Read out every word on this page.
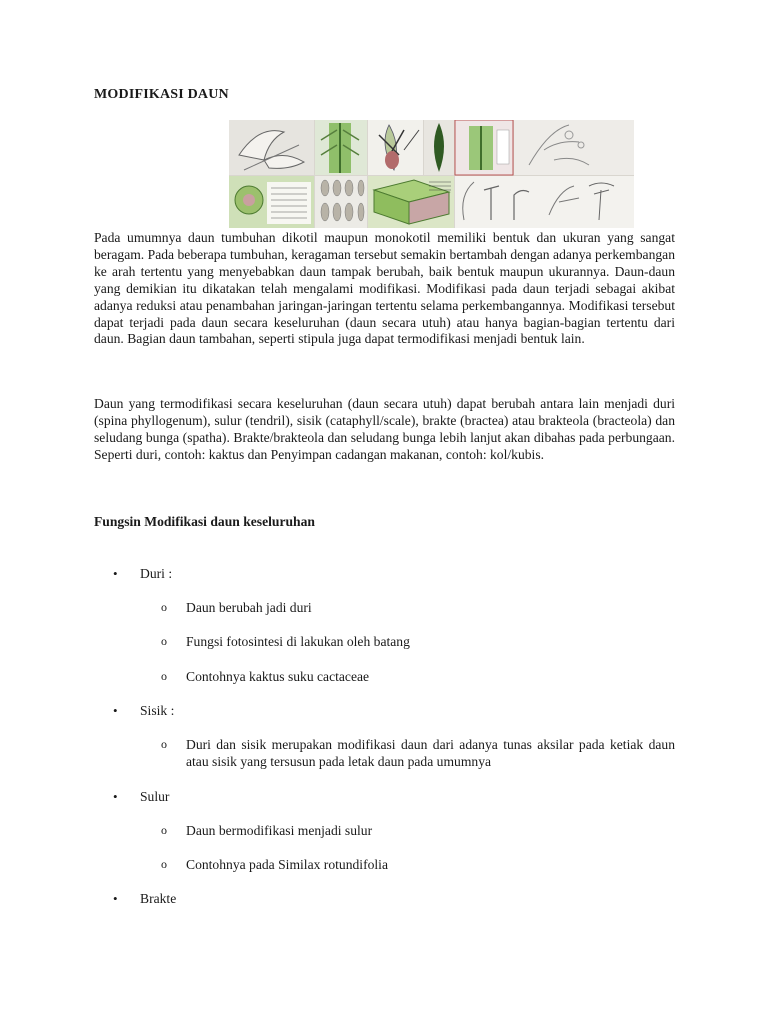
MODIFIKASI DAUN

Pada umumnya daun tumbuhan dikotil maupun monokotil memiliki bentuk dan ukuran yang sangat beragam. Pada beberapa tumbuhan, keragaman tersebut semakin bertambah dengan adanya perkembangan ke arah tertentu yang menyebabkan daun tampak berubah, baik bentuk maupun ukurannya. Daun-daun yang demikian itu dikatakan telah mengalami modifikasi. Modifikasi pada daun terjadi sebagai akibat adanya reduksi atau penambahan jaringan-jaringan tertentu selama perkembangannya. Modifikasi tersebut dapat terjadi pada daun secara keseluruhan (daun secara utuh) atau hanya bagian-bagian tertentu dari daun. Bagian daun tambahan, seperti stipula juga dapat termodifikasi menjadi bentuk lain.

Daun yang termodifikasi secara keseluruhan (daun secara utuh) dapat berubah antara lain menjadi duri (spina phyllogenum), sulur (tendril), sisik (cataphyll/scale), brakte (bractea) atau brakteola (bracteola) dan seludang bunga (spatha). Brakte/brakteola dan seludang bunga lebih lanjut akan dibahas pada perbungaan. Seperti duri, contoh: kaktus dan Penyimpan cadangan makanan, contoh: kol/kubis.

Fungsin Modifikasi daun keseluruhan
• Duri :
o Daun berubah jadi duri
o Fungsi fotosintesi di lakukan oleh batang
o Contohnya kaktus suku cactaceae
• Sisik :
o Duri dan sisik merupakan modifikasi daun dari adanya tunas aksilar pada ketiak daun atau sisik yang tersusun pada letak daun pada umumnya
• Sulur
o Daun bermodifikasi menjadi sulur
o Contohnya pada Similax rotundifolia
• Brakte
